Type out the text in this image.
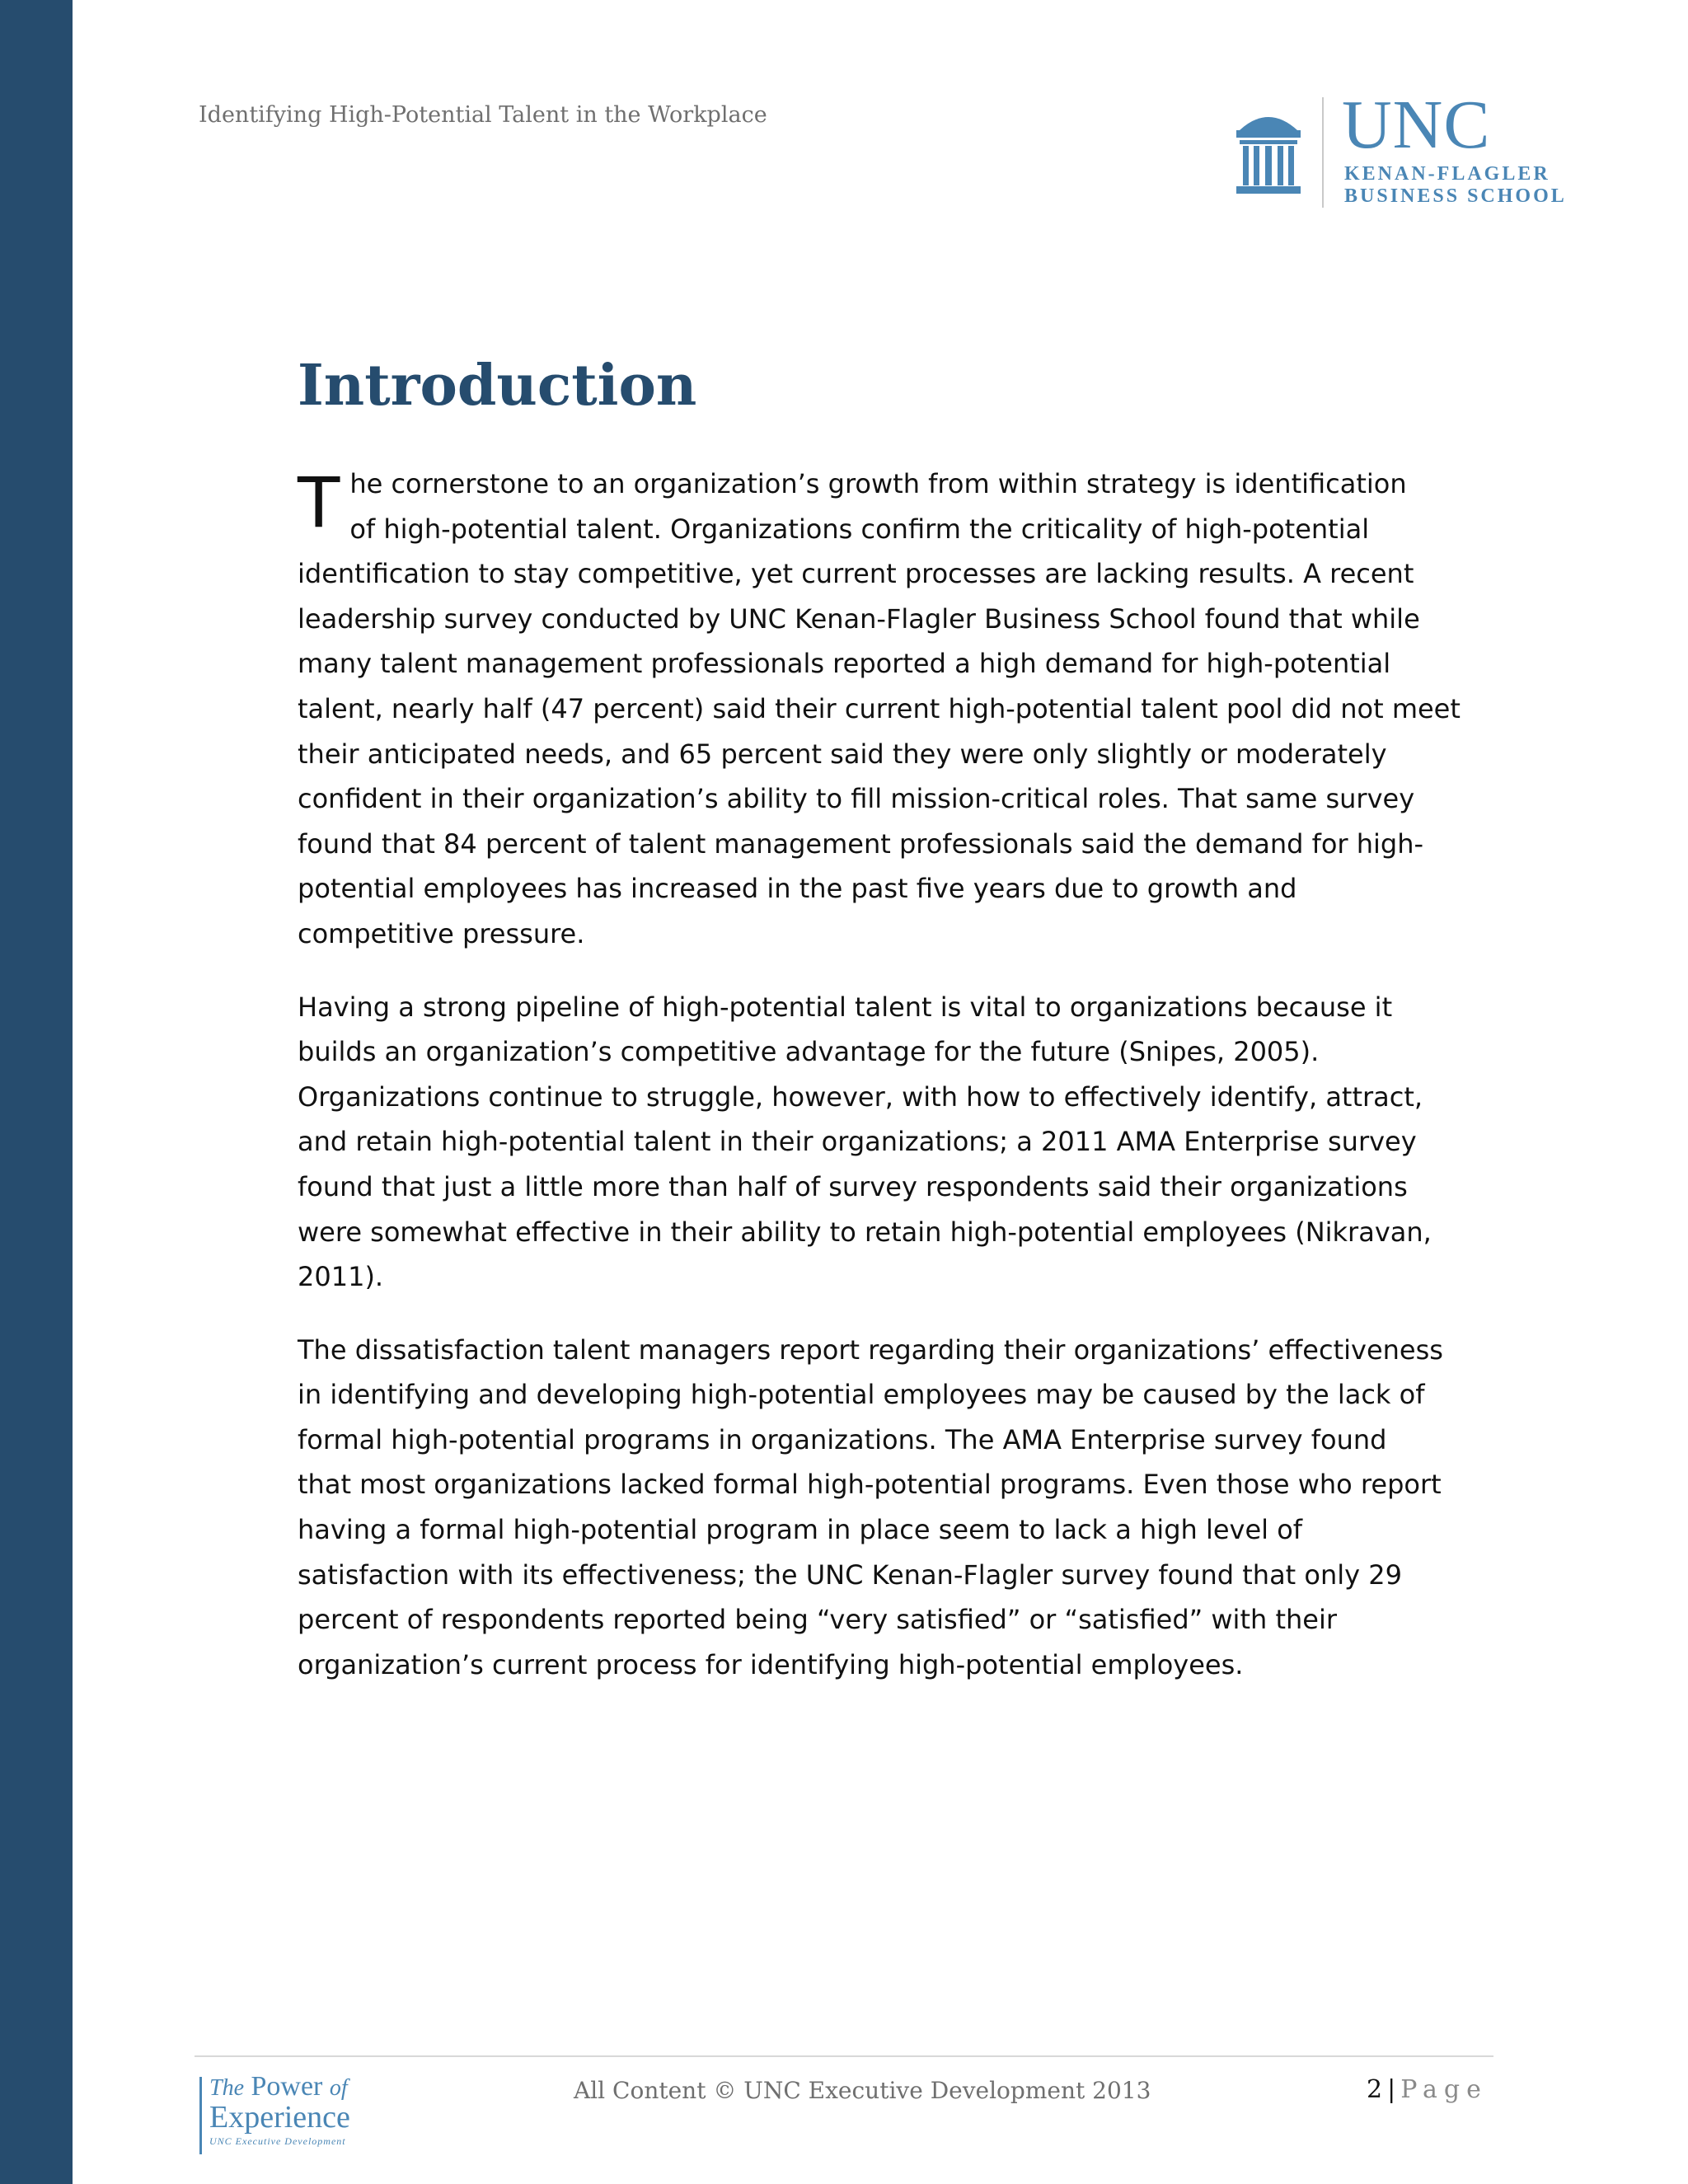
Identifying High-Potential Talent in the Workplace	UNC
KENAN-FLAGLER
BUSINESS SCHOOL
Introduction

The cornerstone to an organization’s growth from within strategy is identification
of high-potential talent. Organizations confirm the criticality of high-potential
identification to stay competitive, yet current processes are lacking results. A recent
leadership survey conducted by UNC Kenan-Flagler Business School found that while
many talent management professionals reported a high demand for high-potential
talent, nearly half (47 percent) said their current high-potential talent pool did not meet
their anticipated needs, and 65 percent said they were only slightly or moderately
confident in their organization’s ability to fill mission-critical roles. That same survey
found that 84 percent of talent management professionals said the demand for high-
potential employees has increased in the past five years due to growth and
competitive pressure.

Having a strong pipeline of high-potential talent is vital to organizations because it
builds an organization’s competitive advantage for the future (Snipes, 2005).
Organizations continue to struggle, however, with how to effectively identify, attract,
and retain high-potential talent in their organizations; a 2011 AMA Enterprise survey
found that just a little more than half of survey respondents said their organizations
were somewhat effective in their ability to retain high-potential employees (Nikravan,
2011).

The dissatisfaction talent managers report regarding their organizations’ effectiveness
in identifying and developing high-potential employees may be caused by the lack of
formal high-potential programs in organizations. The AMA Enterprise survey found
that most organizations lacked formal high-potential programs. Even those who report
having a formal high-potential program in place seem to lack a high level of
satisfaction with its effectiveness; the UNC Kenan-Flagler survey found that only 29
percent of respondents reported being “very satisfied” or “satisfied” with their
organization’s current process for identifying high-potential employees.

The Power of
Experience
UNC Executive Development
All Content © UNC Executive Development 2013	2 | Page
